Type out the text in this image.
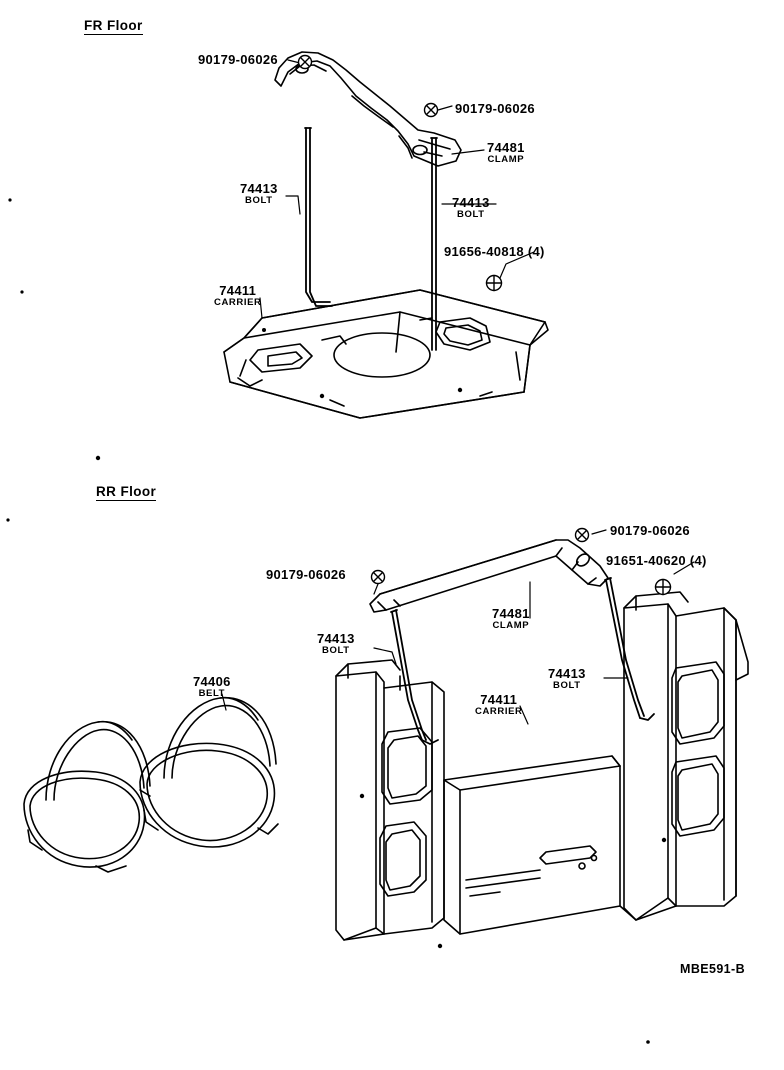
FR Floor
RR Floor
90179-06026
90179-06026
74481
CLAMP
74413
BOLT	74413
BOLT
91656-40818 (4)
74411
CARRIER
90179-06026
91651-40620 (4)
90179-06026
74481
CLAMP
74413
BOLT
74413
BOLT
74406
BELT	74411
CARRIER
MBE591-B
